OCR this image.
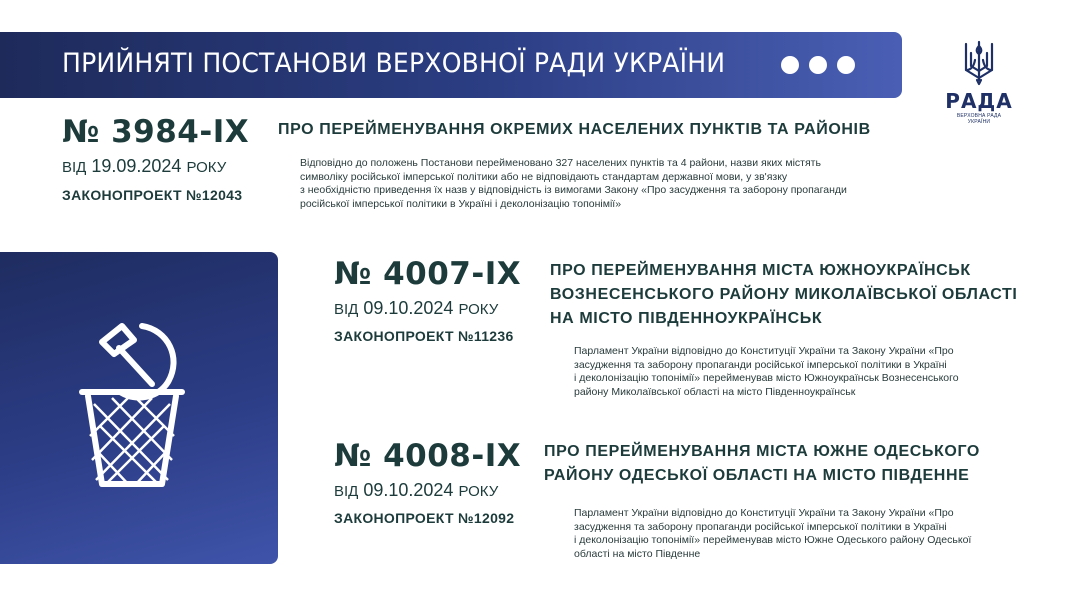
ПРИЙНЯТІ ПОСТАНОВИ ВЕРХОВНОЇ РАДИ УКРАЇНИ
РАДА
ВЕРХОВНА РАДА
УКРАЇНИ
№ 3984-IX
ВІД 19.09.2024 РОКУ
ЗАКОНОПРОЕКТ №12043
ПРО ПЕРЕЙМЕНУВАННЯ ОКРЕМИХ НАСЕЛЕНИХ ПУНКТІВ ТА РАЙОНІВ
Відповідно до положень Постанови перейменовано 327 населених пунктів та 4 райони, назви яких містять
символіку російської імперської політики або не відповідають стандартам державної мови, у зв'язку
з необхідністю приведення їх назв у відповідність із вимогами Закону «Про засудження та заборону пропаганди
російської імперської політики в Україні і деколонізацію топонімії»
№ 4007-IX
ВІД 09.10.2024 РОКУ
ЗАКОНОПРОЕКТ №11236
ПРО ПЕРЕЙМЕНУВАННЯ МІСТА ЮЖНОУКРАЇНСЬК
ВОЗНЕСЕНСЬКОГО РАЙОНУ МИКОЛАЇВСЬКОЇ ОБЛАСТІ
НА МІСТО ПІВДЕННОУКРАЇНСЬК
Парламент України відповідно до Конституції України та Закону України «Про
засудження та заборону пропаганди російської імперської політики в Україні
і деколонізацію топонімії» перейменував місто Южноукраїнськ Вознесенського
району Миколаївської області на місто Південноукраїнськ
№ 4008-IX
ВІД 09.10.2024 РОКУ
ЗАКОНОПРОЕКТ №12092
ПРО ПЕРЕЙМЕНУВАННЯ МІСТА ЮЖНЕ ОДЕСЬКОГО
РАЙОНУ ОДЕСЬКОЇ ОБЛАСТІ НА МІСТО ПІВДЕННЕ
Парламент України відповідно до Конституції України та Закону України «Про
засудження та заборону пропаганди російської імперської політики в Україні
і деколонізацію топонімії» перейменував місто Южне Одеського району Одеської
області на місто Південне
